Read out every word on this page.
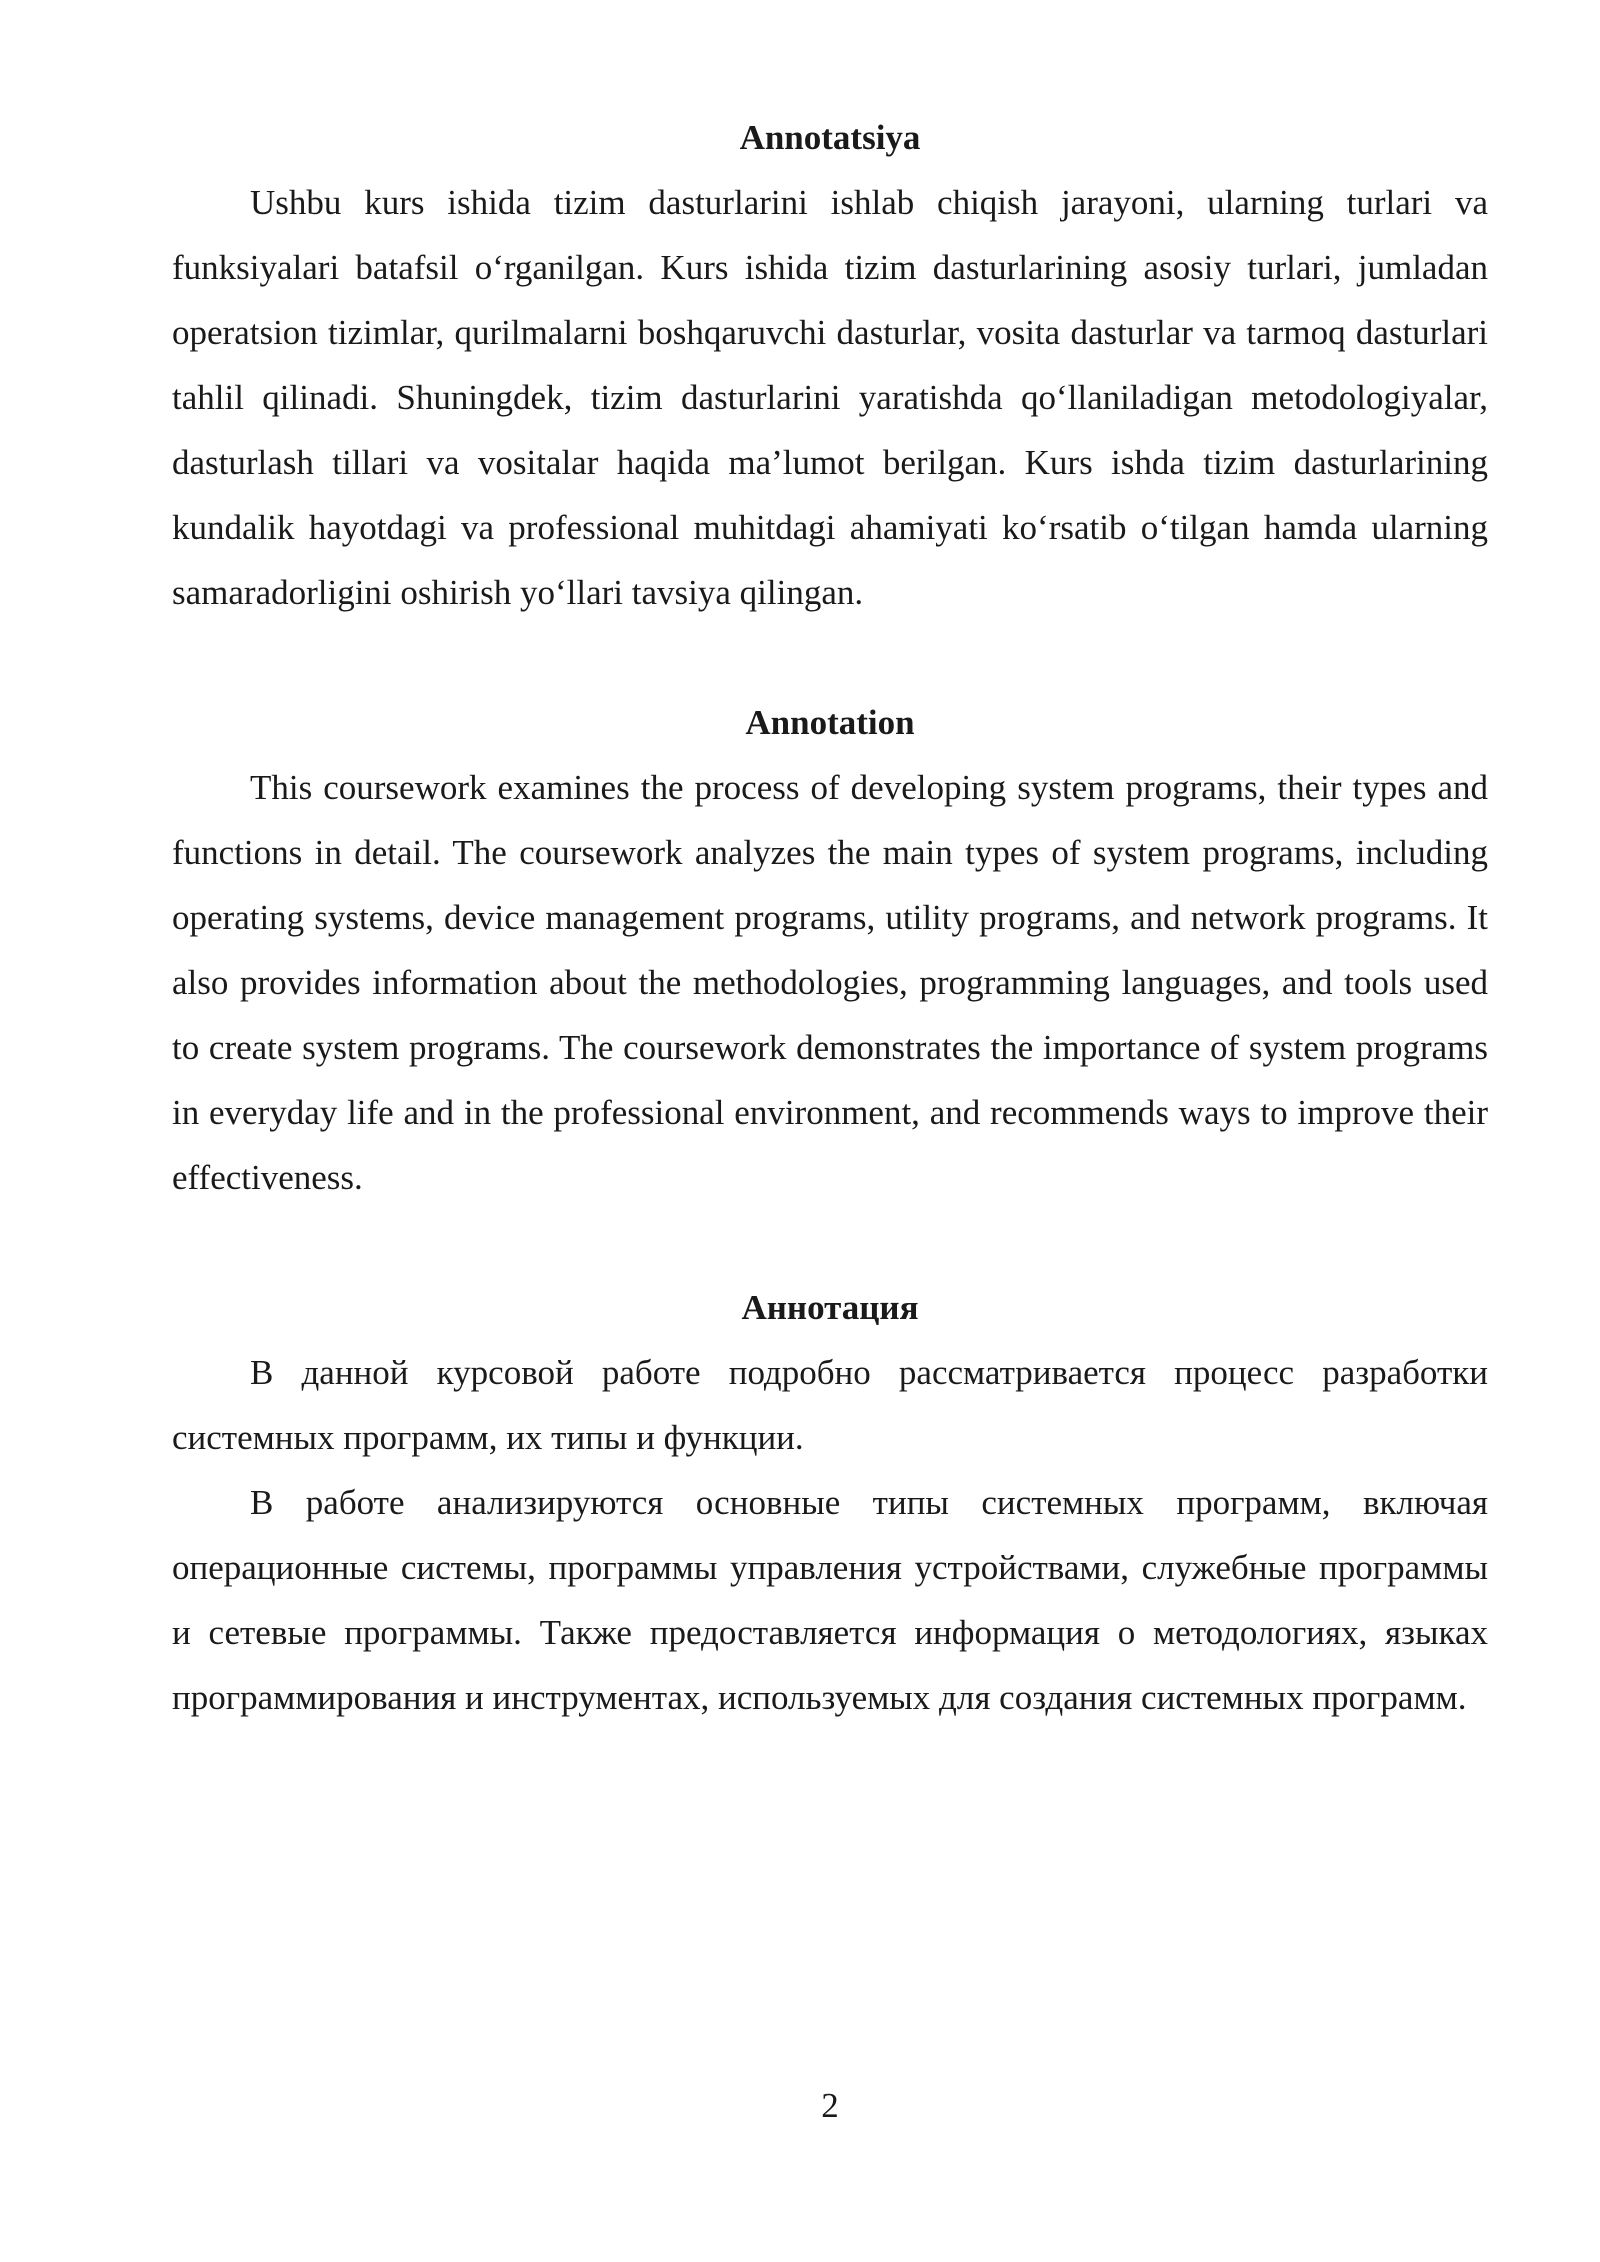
Annotatsiya

Ushbu kurs ishida tizim dasturlarini ishlab chiqish jarayoni, ularning turlari va funksiyalari batafsil o‘rganilgan. Kurs ishida tizim dasturlarining asosiy turlari, jumladan operatsion tizimlar, qurilmalarni boshqaruvchi dasturlar, vosita dasturlar va tarmoq dasturlari tahlil qilinadi. Shuningdek, tizim dasturlarini yaratishda qo‘llaniladigan metodologiyalar, dasturlash tillari va vositalar haqida ma’lumot berilgan. Kurs ishda tizim dasturlarining kundalik hayotdagi va professional muhitdagi ahamiyati ko‘rsatib o‘tilgan hamda ularning samaradorligini oshirish yo‘llari tavsiya qilingan.

Annotation

This coursework examines the process of developing system programs, their types and functions in detail. The coursework analyzes the main types of system programs, including operating systems, device management programs, utility programs, and network programs. It also provides information about the methodologies, programming languages, and tools used to create system programs. The coursework demonstrates the importance of system programs in everyday life and in the professional environment, and recommends ways to improve their effectiveness.

Аннотация

В данной курсовой работе подробно рассматривается процесс разработки системных программ, их типы и функции.

В работе анализируются основные типы системных программ, включая операционные системы, программы управления устройствами, служебные программы и сетевые программы. Также предоставляется информация о методологиях, языках программирования и инструментах, используемых для создания системных программ.

2
